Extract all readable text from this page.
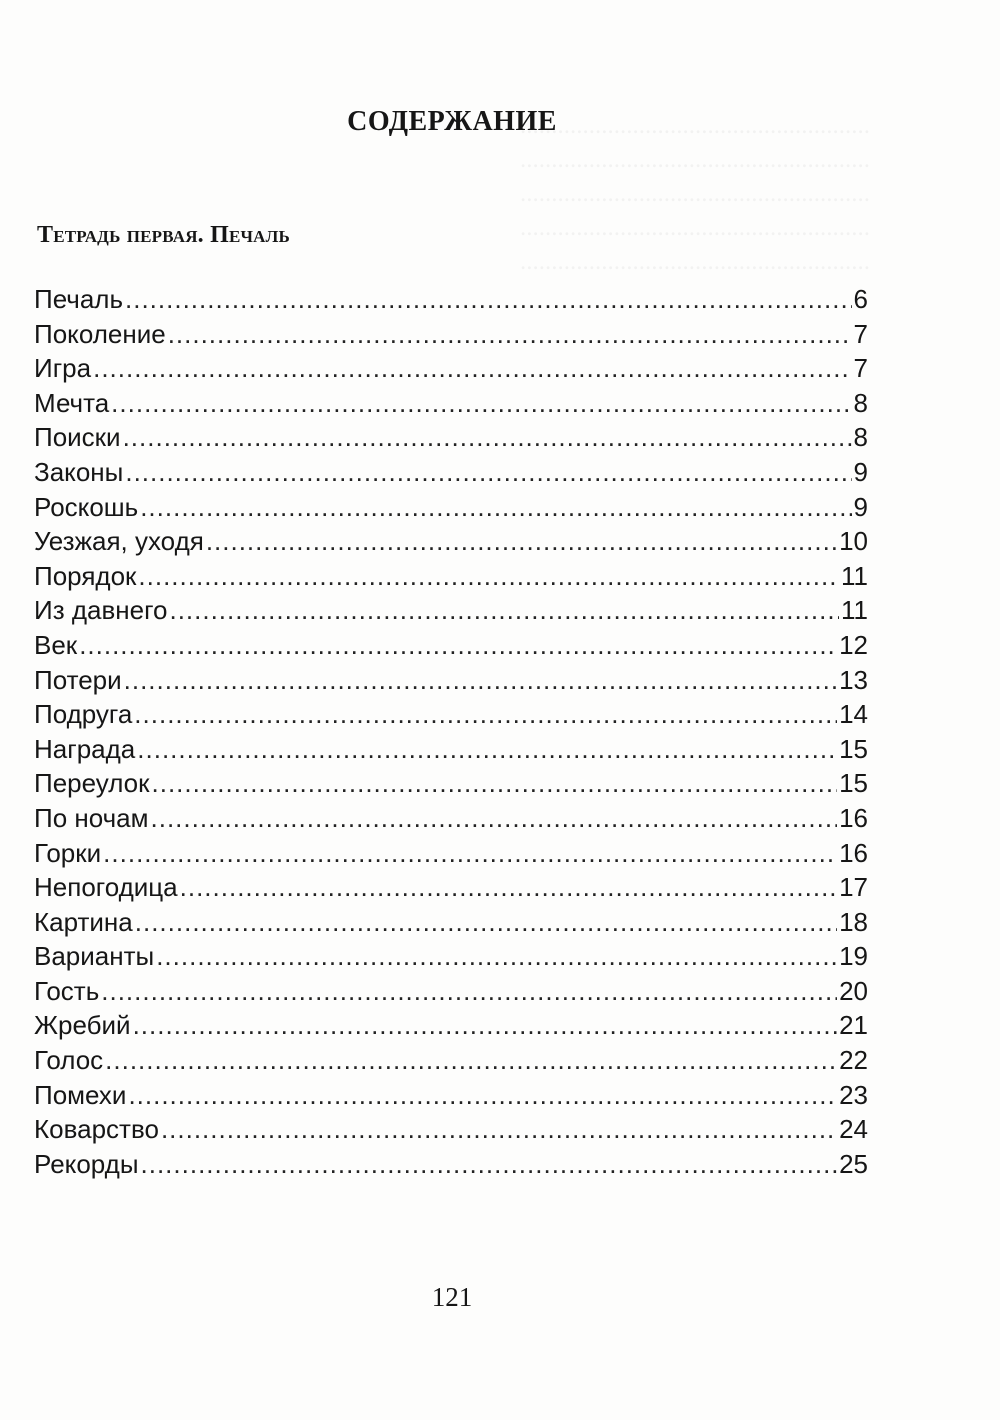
СОДЕРЖАНИЕ
Тетрадь первая. Печаль
Печаль .....	6
Поколение .....	7
Игра .....	7
Мечта .....	8
Поиски .....	8
Законы .....	9
Роскошь .....	9
Уезжая, уходя .....	10
Порядок .....	11
Из давнего .....	11
Век .....	12
Потери .....	13
Подруга .....	14
Награда .....	15
Переулок .....	15
По ночам .....	16
Горки .....	16
Непогодица .....	17
Картина .....	18
Варианты .....	19
Гость .....	20
Жребий .....	21
Голос .....	22
Помехи .....	23
Коварство .....	24
Рекорды .....	25
121
